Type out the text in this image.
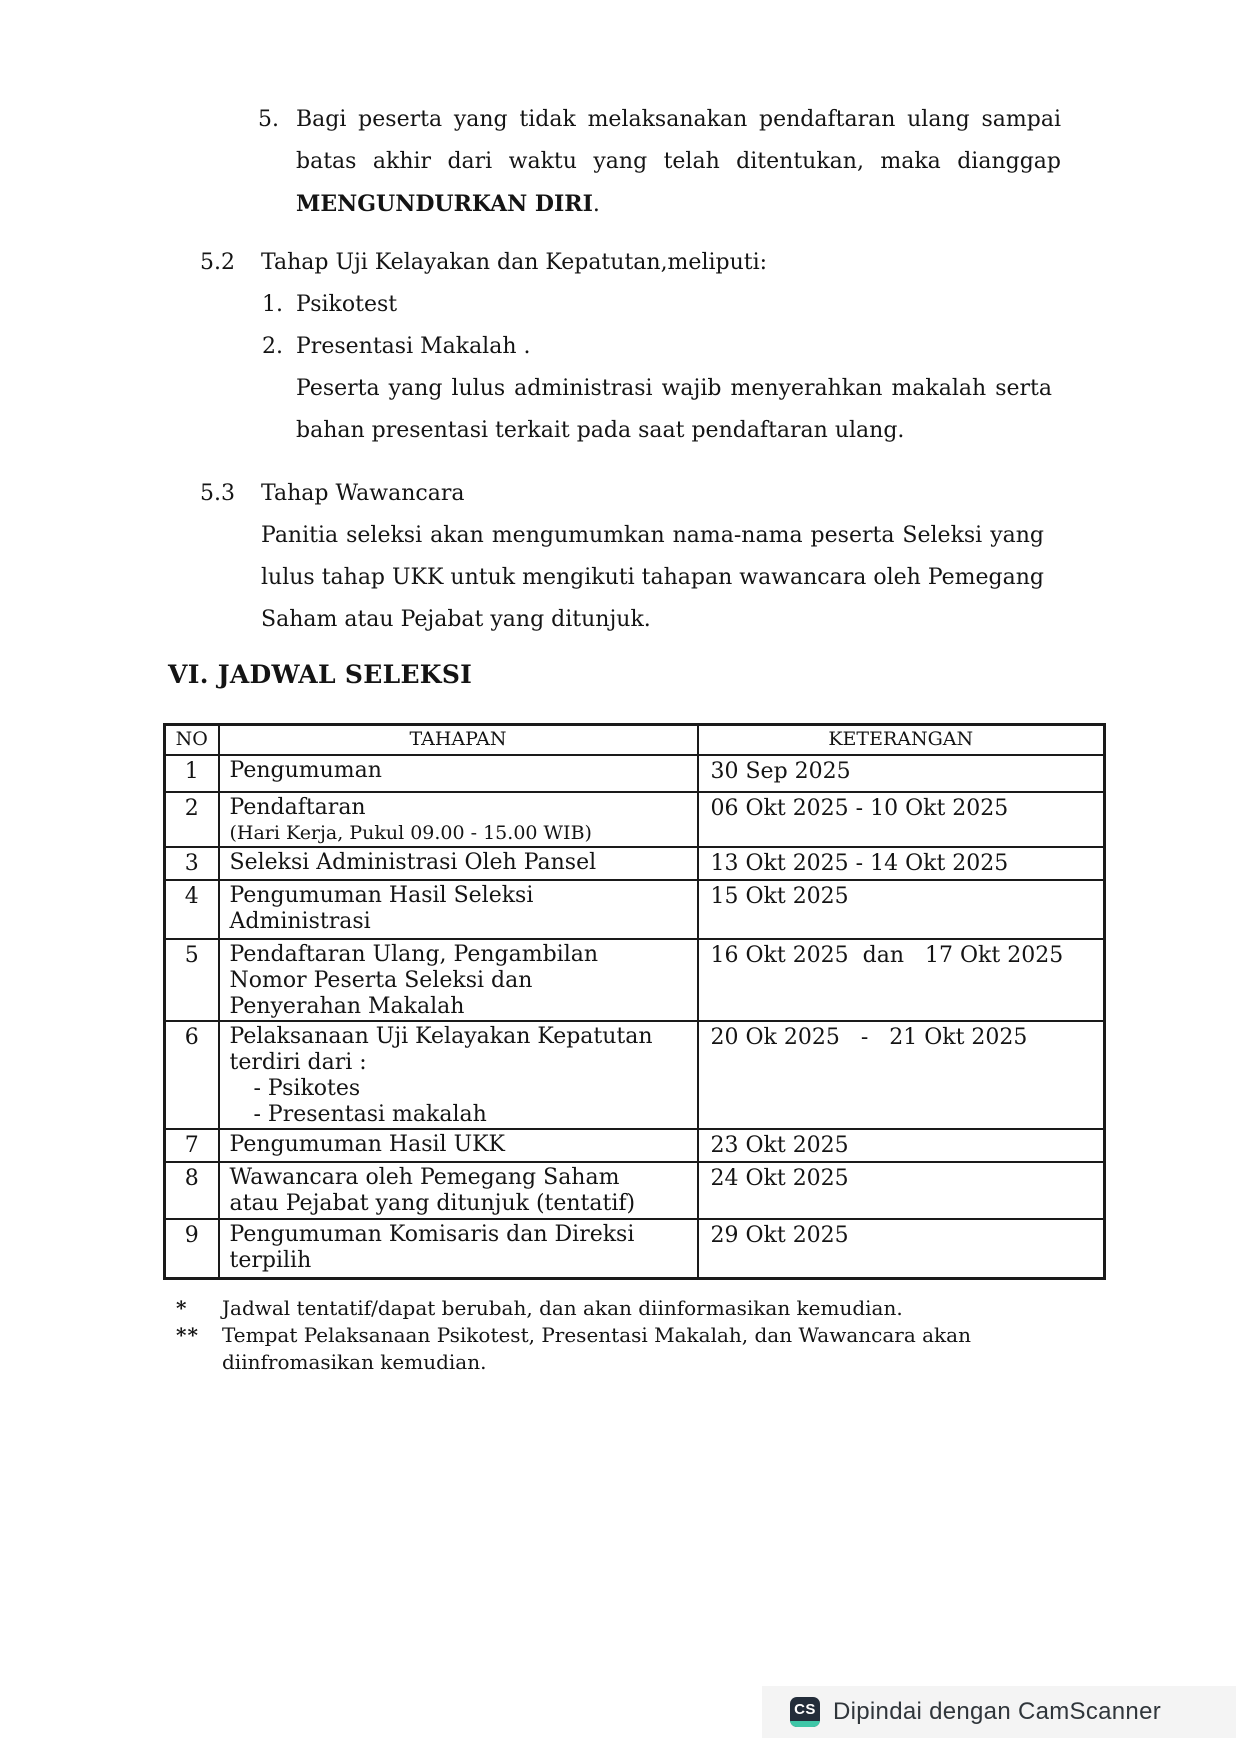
5. Bagi peserta yang tidak melaksanakan pendaftaran ulang sampai batas akhir dari waktu yang telah ditentukan, maka dianggap MENGUNDURKAN DIRI.

5.2 Tahap Uji Kelayakan dan Kepatutan,meliputi:
1. Psikotest
2. Presentasi Makalah .

Peserta yang lulus administrasi wajib menyerahkan makalah serta bahan presentasi terkait pada saat pendaftaran ulang.

5.3 Tahap Wawancara

Panitia seleksi akan mengumumkan nama-nama peserta Seleksi yang lulus tahap UKK untuk mengikuti tahapan wawancara oleh Pemegang Saham atau Pejabat yang ditunjuk.

VI. JADWAL SELEKSI
NO	TAHAPAN	KETERANGAN
1	Pengumuman	30 Sep 2025
2	Pendaftaran
(Hari Kerja, Pukul 09.00 - 15.00 WIB)	06 Okt 2025 - 10 Okt 2025
3	Seleksi Administrasi Oleh Pansel	13 Okt 2025 - 14 Okt 2025
4	Pengumuman Hasil Seleksi
Administrasi	15 Okt 2025
5	Pendaftaran Ulang, Pengambilan
Nomor Peserta Seleksi dan
Penyerahan Makalah	16 Okt 2025  dan   17 Okt 2025
6	Pelaksanaan Uji Kelayakan Kepatutan
terdiri dari :
- Psikotes
- Presentasi makalah	20 Ok 2025   -   21 Okt 2025
7	Pengumuman Hasil UKK	23 Okt 2025
8	Wawancara oleh Pemegang Saham
atau Pejabat yang ditunjuk (tentatif)	24 Okt 2025
9	Pengumuman Komisaris dan Direksi
terpilih	29 Okt 2025
* Jadwal tentatif/dapat berubah, dan akan diinformasikan kemudian.
** Tempat Pelaksanaan Psikotest, Presentasi Makalah, dan Wawancara akan diinfromasikan kemudian.
CS Dipindai dengan CamScanner
